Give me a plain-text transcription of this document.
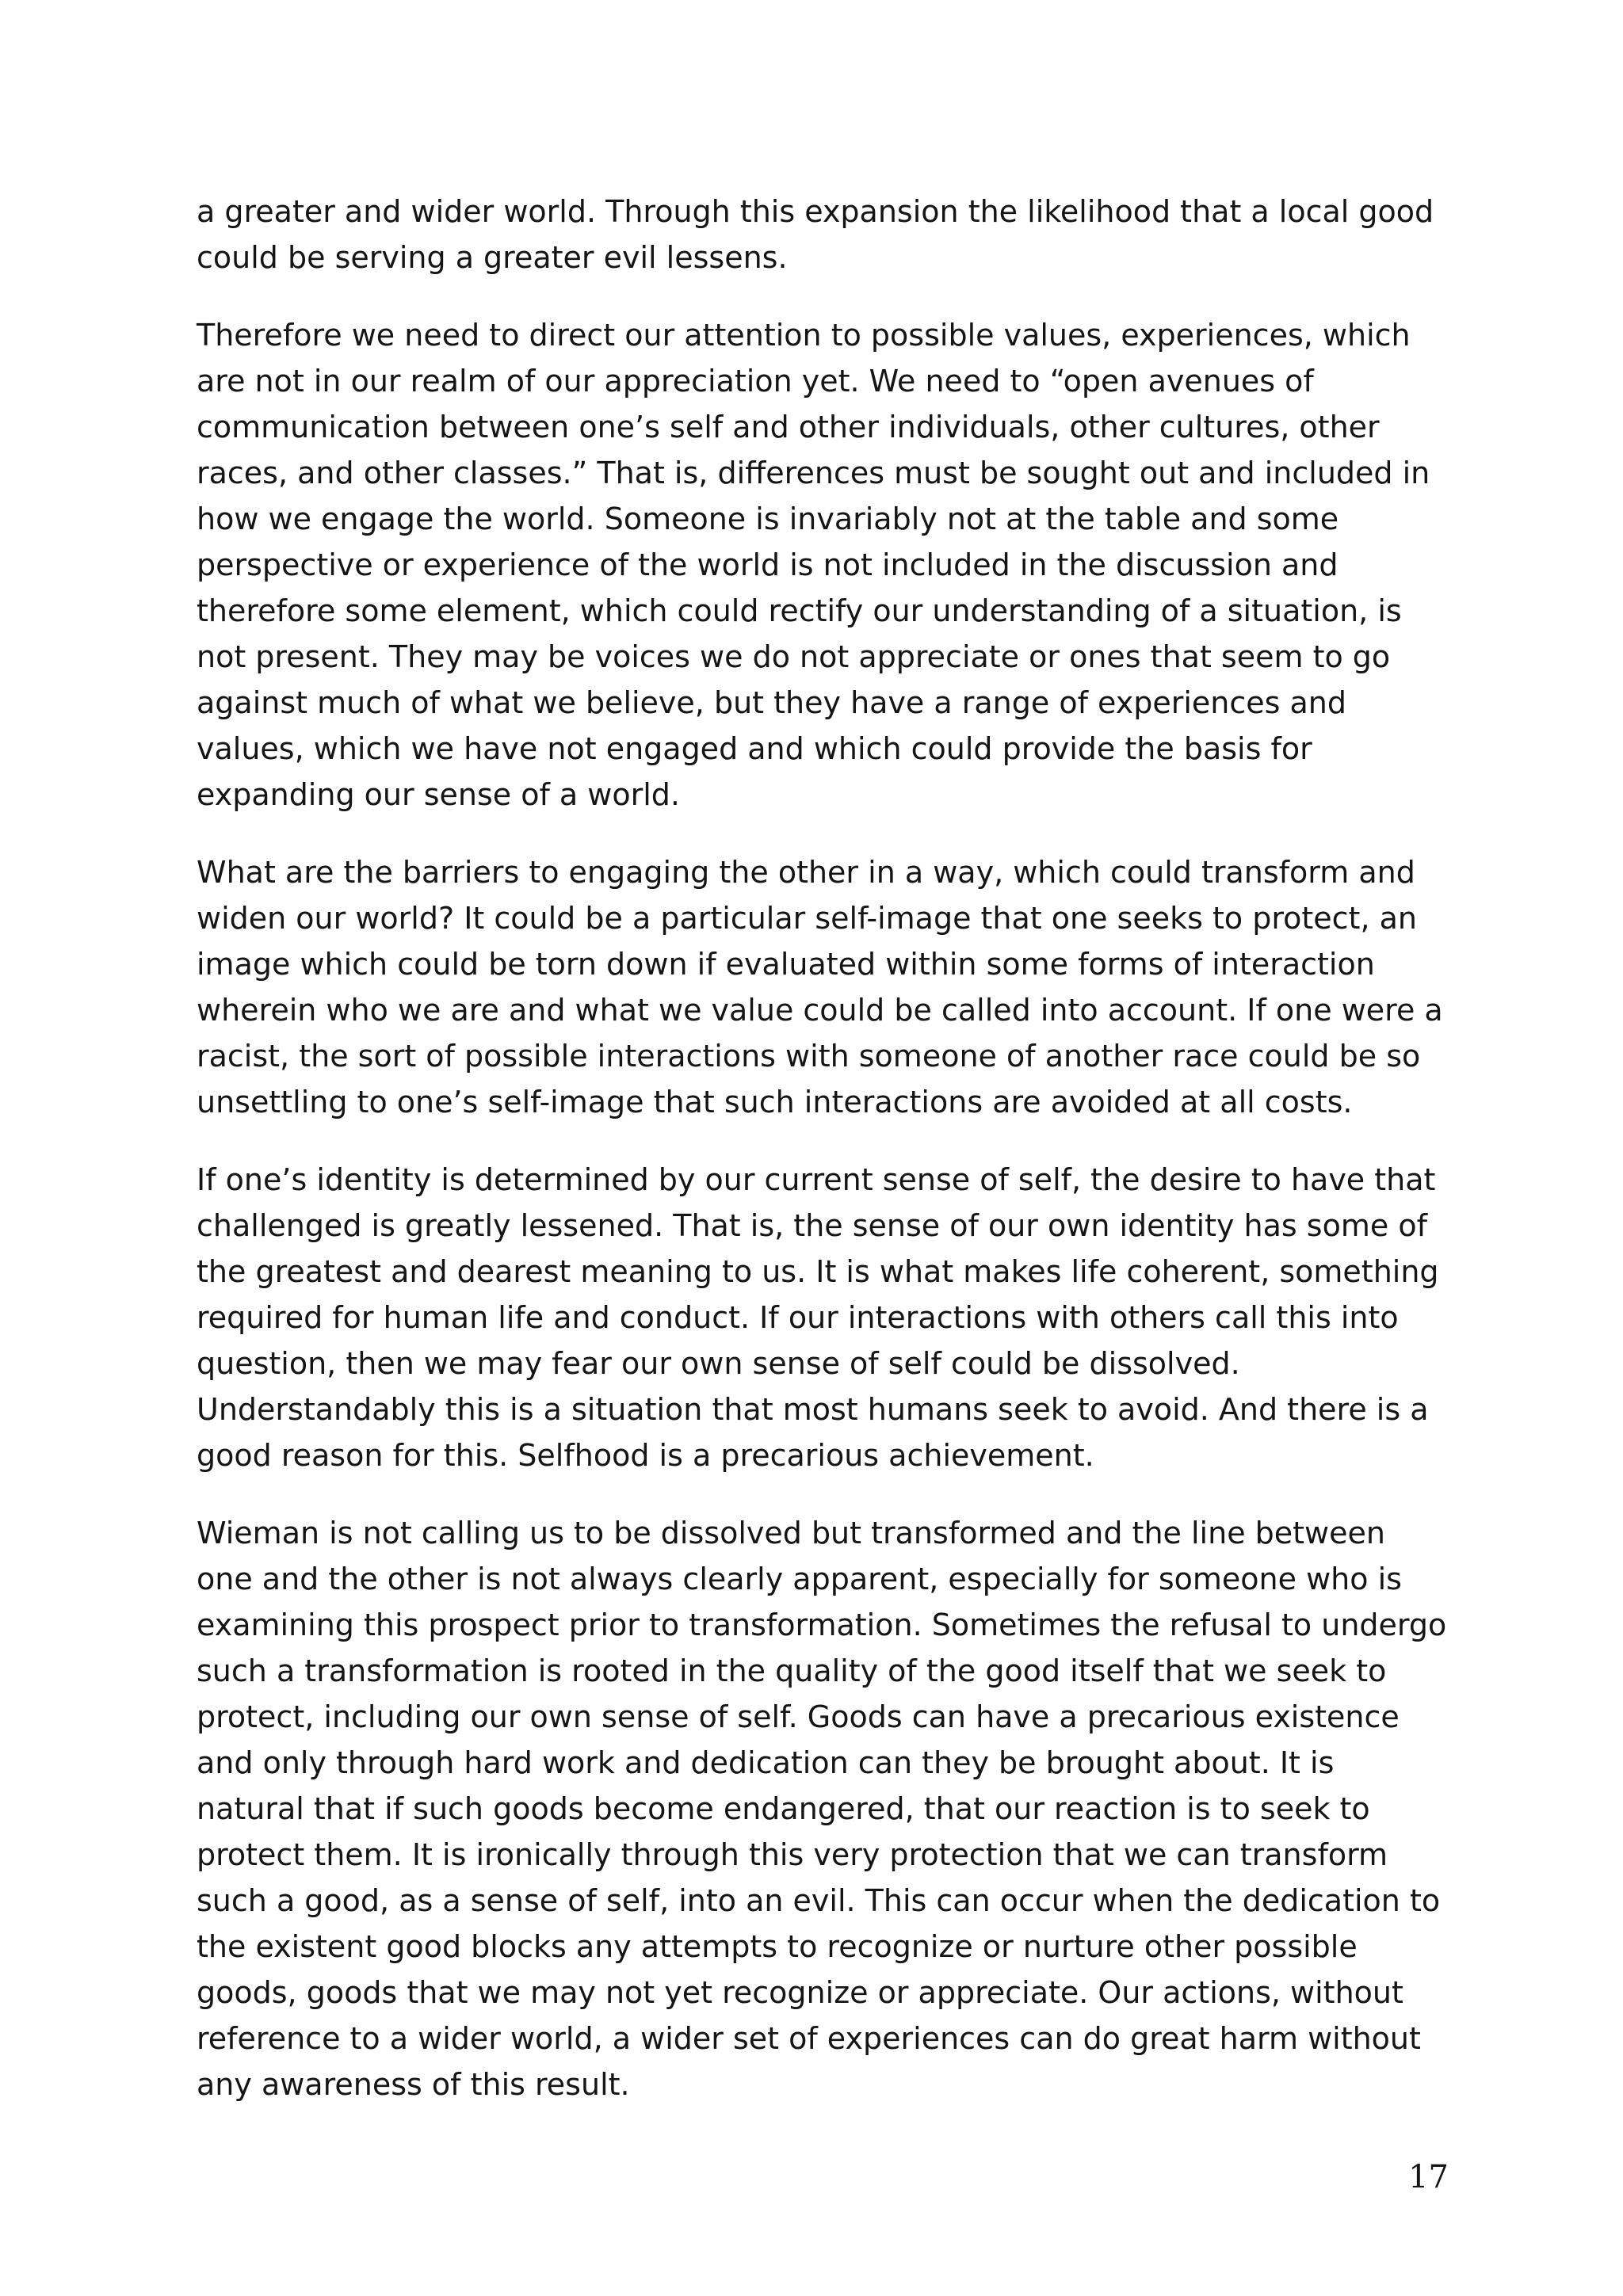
a greater and wider world. Through this expansion the likelihood that a local good could be serving a greater evil lessens.

Therefore we need to direct our attention to possible values, experiences, which are not in our realm of our appreciation yet. We need to “open avenues of communication between one’s self and other individuals, other cultures, other races, and other classes.” That is, differences must be sought out and included in how we engage the world. Someone is invariably not at the table and some perspective or experience of the world is not included in the discussion and therefore some element, which could rectify our understanding of a situation, is not present. They may be voices we do not appreciate or ones that seem to go against much of what we believe, but they have a range of experiences and values, which we have not engaged and which could provide the basis for expanding our sense of a world.

What are the barriers to engaging the other in a way, which could transform and widen our world? It could be a particular self-image that one seeks to protect, an image which could be torn down if evaluated within some forms of interaction wherein who we are and what we value could be called into account. If one were a racist, the sort of possible interactions with someone of another race could be so unsettling to one’s self-image that such interactions are avoided at all costs.

If one’s identity is determined by our current sense of self, the desire to have that challenged is greatly lessened. That is, the sense of our own identity has some of the greatest and dearest meaning to us. It is what makes life coherent, something required for human life and conduct. If our interactions with others call this into question, then we may fear our own sense of self could be dissolved. Understandably this is a situation that most humans seek to avoid. And there is a good reason for this. Selfhood is a precarious achievement.

Wieman is not calling us to be dissolved but transformed and the line between one and the other is not always clearly apparent, especially for someone who is examining this prospect prior to transformation. Sometimes the refusal to undergo such a transformation is rooted in the quality of the good itself that we seek to protect, including our own sense of self. Goods can have a precarious existence and only through hard work and dedication can they be brought about. It is natural that if such goods become endangered, that our reaction is to seek to protect them. It is ironically through this very protection that we can transform such a good, as a sense of self, into an evil. This can occur when the dedication to the existent good blocks any attempts to recognize or nurture other possible goods, goods that we may not yet recognize or appreciate. Our actions, without reference to a wider world, a wider set of experiences can do great harm without any awareness of this result.

17
